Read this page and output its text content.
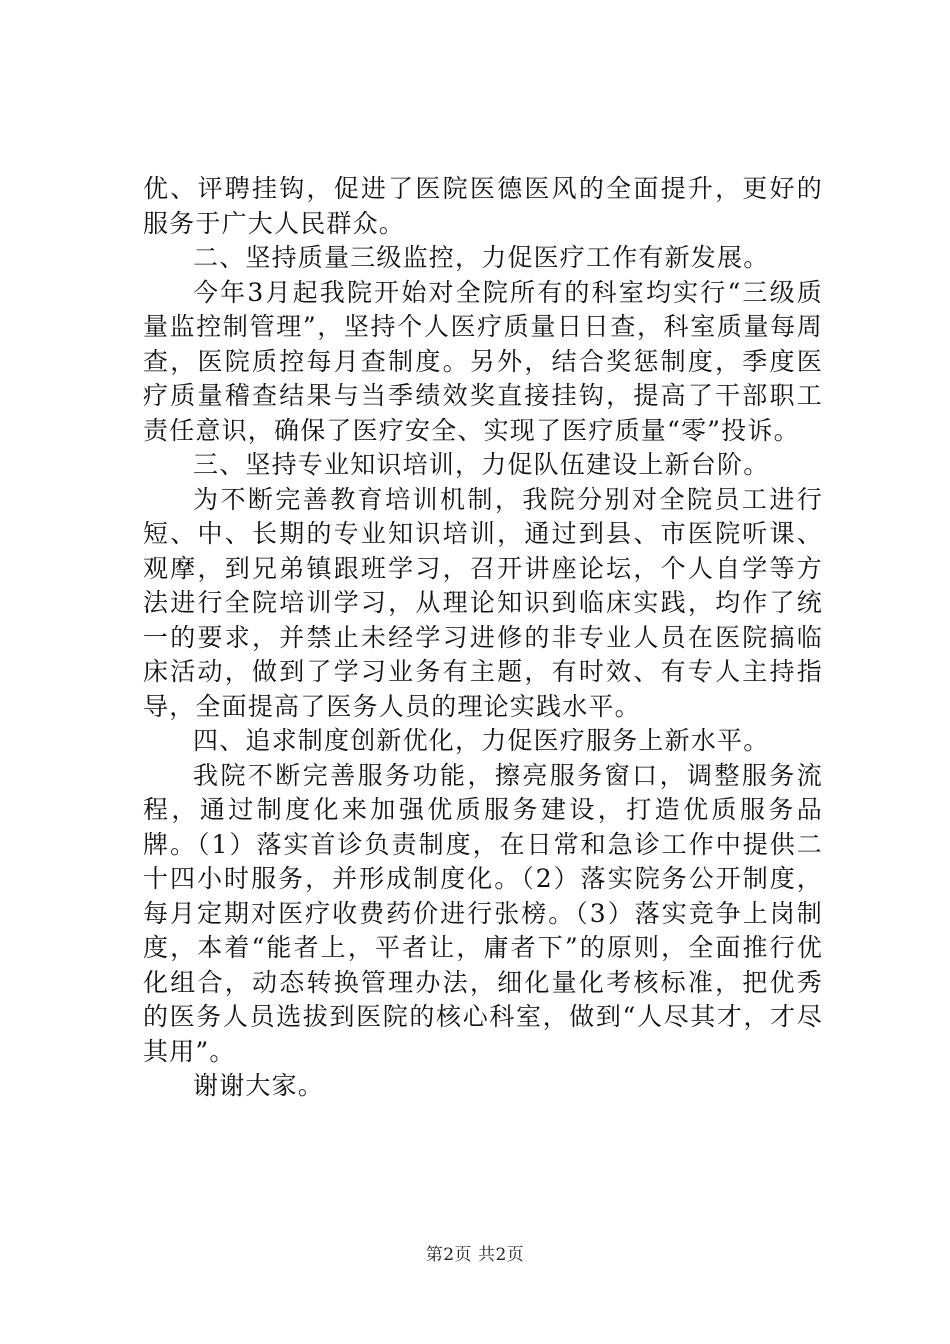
优、评聘挂钩，促进了医院医德医风的全面提升，更好的服务于广大人民群众。

二、坚持质量三级监控，力促医疗工作有新发展。

今年3月起我院开始对全院所有的科室均实行“三级质量监控制管理”，坚持个人医疗质量日日查，科室质量每周查，医院质控每月查制度。另外，结合奖惩制度，季度医疗质量稽查结果与当季绩效奖直接挂钩，提高了干部职工责任意识，确保了医疗安全、实现了医疗质量“零”投诉。

三、坚持专业知识培训，力促队伍建设上新台阶。

为不断完善教育培训机制，我院分别对全院员工进行短、中、长期的专业知识培训，通过到县、市医院听课、观摩，到兄弟镇跟班学习，召开讲座论坛，个人自学等方法进行全院培训学习，从理论知识到临床实践，均作了统一的要求，并禁止未经学习进修的非专业人员在医院搞临床活动，做到了学习业务有主题，有时效、有专人主持指导，全面提高了医务人员的理论实践水平。

四、追求制度创新优化，力促医疗服务上新水平。

我院不断完善服务功能，擦亮服务窗口，调整服务流程，通过制度化来加强优质服务建设，打造优质服务品牌。（1）落实首诊负责制度，在日常和急诊工作中提供二十四小时服务，并形成制度化。（2）落实院务公开制度，每月定期对医疗收费药价进行张榜。（3）落实竞争上岗制度，本着“能者上，平者让，庸者下”的原则，全面推行优化组合，动态转换管理办法，细化量化考核标准，把优秀的医务人员选拔到医院的核心科室，做到“人尽其才，才尽其用”。

谢谢大家。

第2页 共2页
